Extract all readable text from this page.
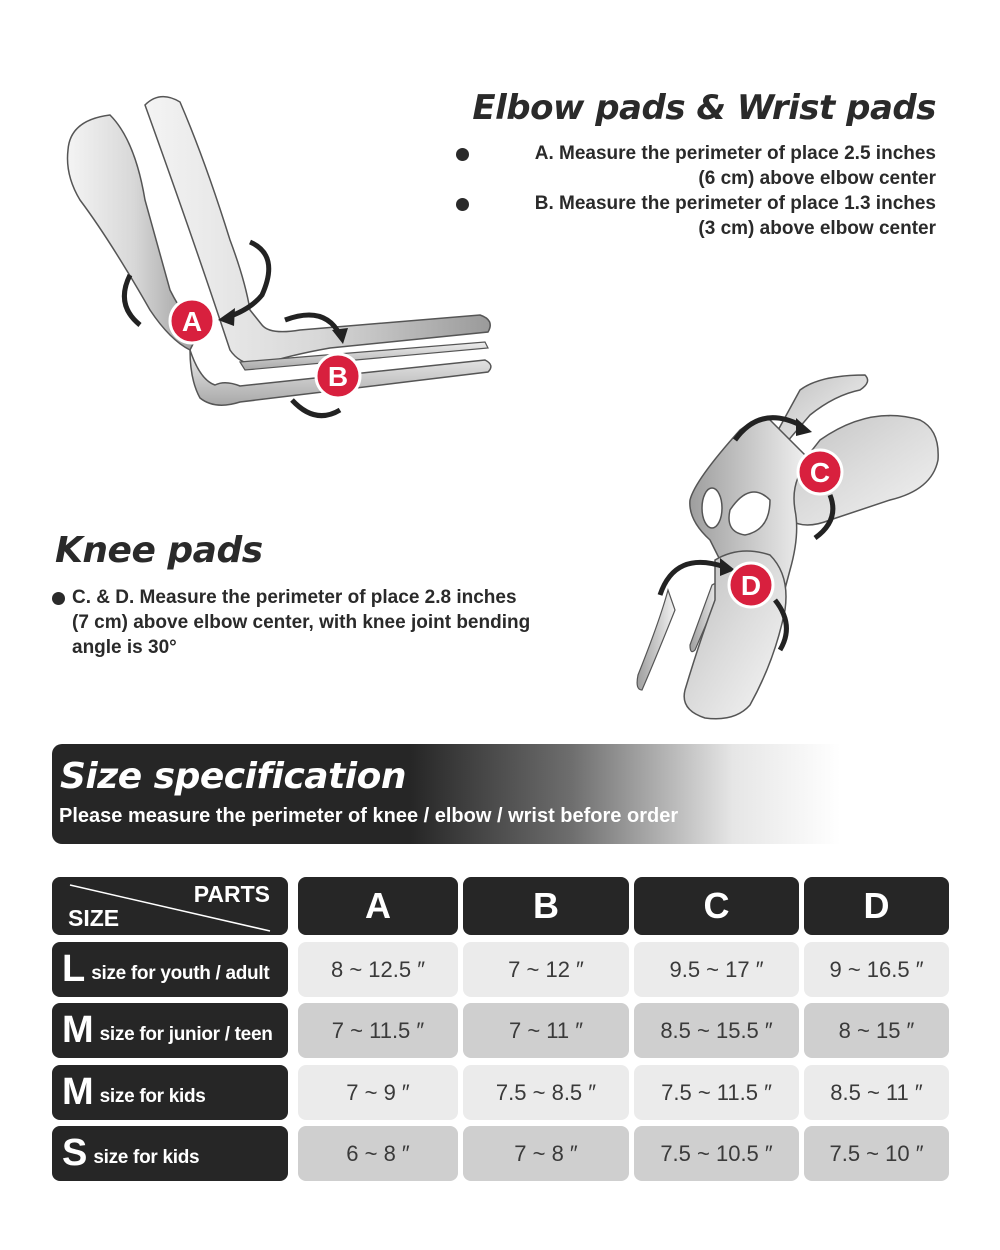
A
B
C
D
Elbow pads & Wrist pads
A. Measure the perimeter of place 2.5 inches
(6 cm) above elbow center
B. Measure the perimeter of place 1.3 inches
(3 cm) above elbow center
Knee pads
C. & D. Measure the perimeter of place 2.8 inches
(7 cm) above elbow center, with knee joint bending
angle is 30°
Size specification
Please measure the perimeter of knee / elbow / wrist before order
PARTS
SIZE	A	B	C	D
L size for youth / adult	8 ~ 12.5 ″	7 ~ 12 ″	9.5 ~ 17 ″	9 ~ 16.5 ″
M size for junior / teen	7 ~ 11.5 ″	7 ~ 11 ″	8.5 ~ 15.5 ″	8 ~ 15 ″
M size for kids	7 ~ 9 ″	7.5 ~ 8.5 ″	7.5 ~ 11.5 ″	8.5 ~ 11 ″
S size for kids	6 ~ 8 ″	7 ~ 8 ″	7.5 ~ 10.5 ″	7.5 ~ 10 ″
